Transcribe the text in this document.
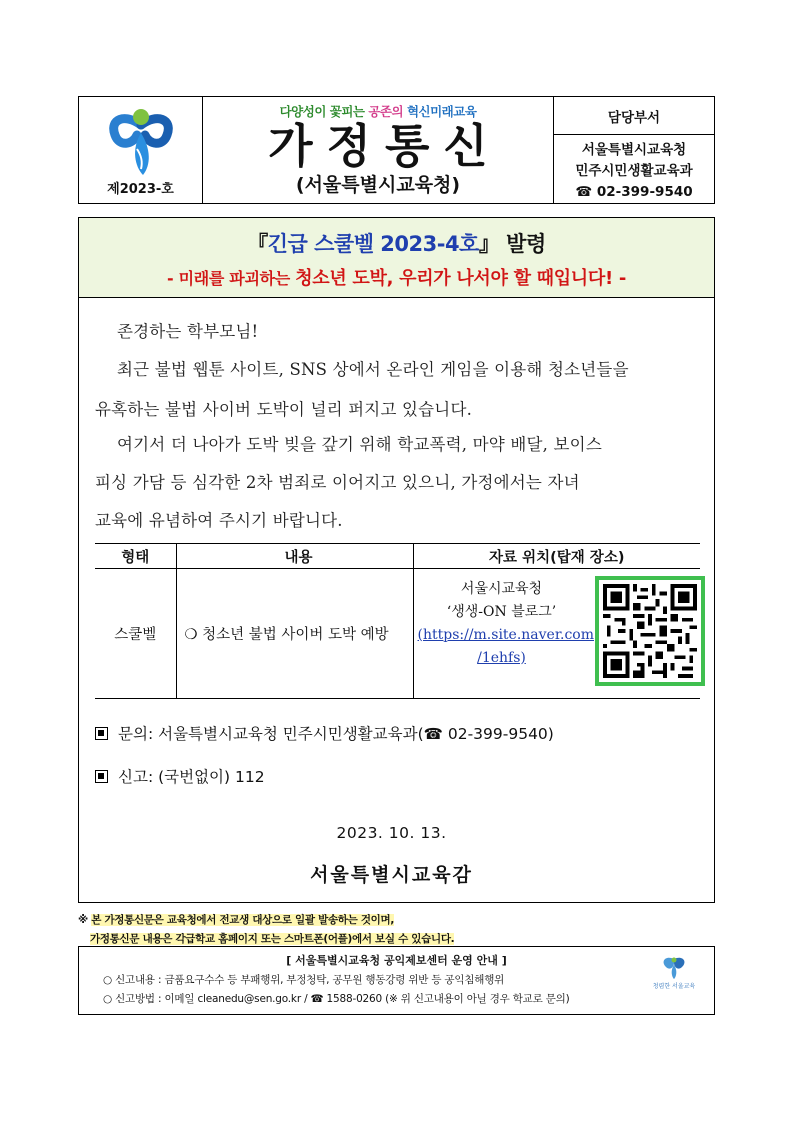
제2023-호
다양성이 꽃피는 공존의 혁신미래교육
가정통신
(서울특별시교육청)
담당부서
서울특별시교육청
민주시민생활교육과
☎ 02-399-9540
『긴급 스쿨벨 2023-4호』 발령
- 미래를 파괴하는 청소년 도박, 우리가 나서야 할 때입니다! -
존경하는 학부모님!
최근 불법 웹툰 사이트, SNS 상에서 온라인 게임을 이용해 청소년들을
유혹하는 불법 사이버 도박이 널리 퍼지고 있습니다.
여기서 더 나아가 도박 빚을 갚기 위해 학교폭력, 마약 배달, 보이스
피싱 가담 등 심각한 2차 범죄로 이어지고 있으니, 가정에서는 자녀
교육에 유념하여 주시기 바랍니다.
형태	내용	자료 위치(탑재 장소)
스쿨벨	❍ 청소년 불법 사이버 도박 예방	서울시교육청
‘생생-ON 블로그’
(https://m.site.naver.com
/1ehfs)
문의: 서울특별시교육청 민주시민생활교육과(☎ 02-399-9540)
신고: (국번없이) 112
2023. 10. 13.
서울특별시교육감
※ 본 가정통신문은 교육청에서 전교생 대상으로 일괄 발송하는 것이며,
가정통신문 내용은 각급학교 홈페이지 또는 스마트폰(어플)에서 보실 수 있습니다.
[ 서울특별시교육청 공익제보센터 운영 안내 ]
○ 신고내용 : 금품요구수수 등 부패행위, 부정청탁, 공무원 행동강령 위반 등 공익침해행위
○ 신고방법 : 이메일 cleanedu@sen.go.kr / ☎ 1588-0260 (※ 위 신고내용이 아닐 경우 학교로 문의)
청렴한 서울교육
